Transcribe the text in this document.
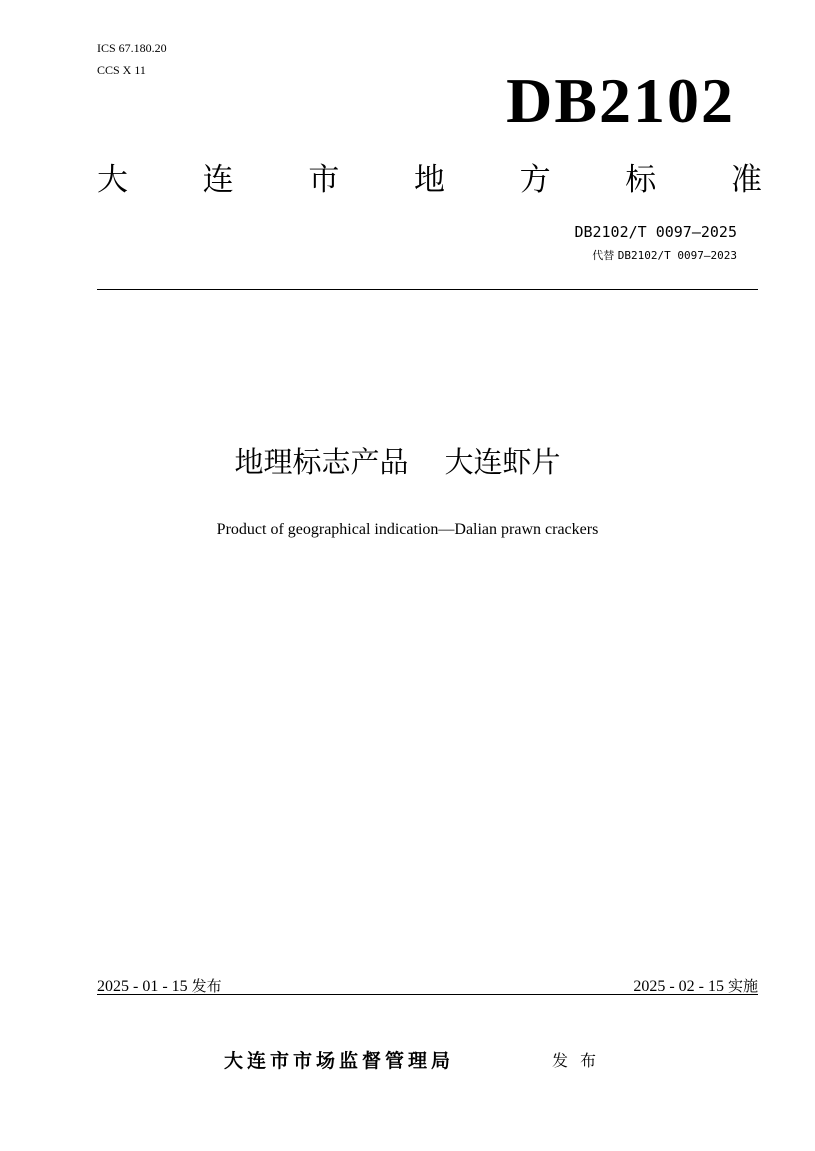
ICS 67.180.20
CCS X 11	DB2102
大 连 市 地 方 标 准
DB2102/T 0097—2025
代替 DB2102/T 0097—2023
地理标志产品 大连虾片
Product of geographical indication—Dalian prawn crackers
2025 - 01 - 15 发布	2025 - 02 - 15 实施
大连市市场监督管理局	发布
